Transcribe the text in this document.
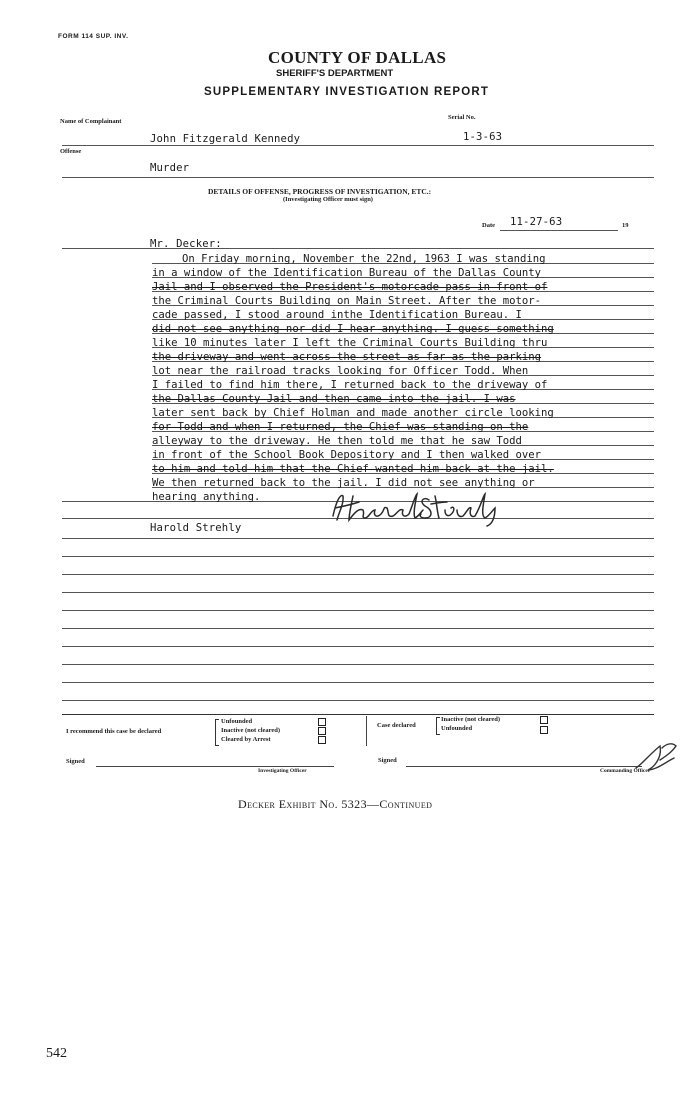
FORM 114 SUP. INV.
COUNTY OF DALLAS
SHERIFF'S DEPARTMENT
SUPPLEMENTARY INVESTIGATION REPORT
Name of Complainant
Serial No.
John Fitzgerald Kennedy	1-3-63
Offense
Murder
DETAILS OF OFFENSE, PROGRESS OF INVESTIGATION, ETC.:
(Investigating Officer must sign)
Date 11-27-63	19
Mr. Decker:
On Friday morning, November the 22nd, 1963 I was standing
in a window of the Identification Bureau of the Dallas County
Jail and I observed the President's motorcade pass in front of
the Criminal Courts Building on Main Street. After the motor-
cade passed, I stood around inthe Identification Bureau. I
did not see anything nor did I hear anything. I guess something
like 10 minutes later I left the Criminal Courts Building thru
the driveway and went across the street as far as the parking
lot near the railroad tracks looking for Officer Todd. When
I failed to find him there, I returned back to the driveway of
the Dallas County Jail and then came into the jail. I was
later sent back by Chief Holman and made another circle looking
for Todd and when I returned, the Chief was standing on the
alleyway to the driveway. He then told me that he saw Todd
in front of the School Book Depository and I then walked over
to him and told him that the Chief wanted him back at the jail.
We then returned back to the jail. I did not see anything or
hearing anything.
Harold Strehly
I recommend this case be declared
Unfounded
Inactive (not cleared)
Cleared by Arrest
Case declared
Inactive (not cleared)
Unfounded
Signed
Investigating Officer
Signed
Commanding Officer
Decker Exhibit No. 5323—Continued
542
